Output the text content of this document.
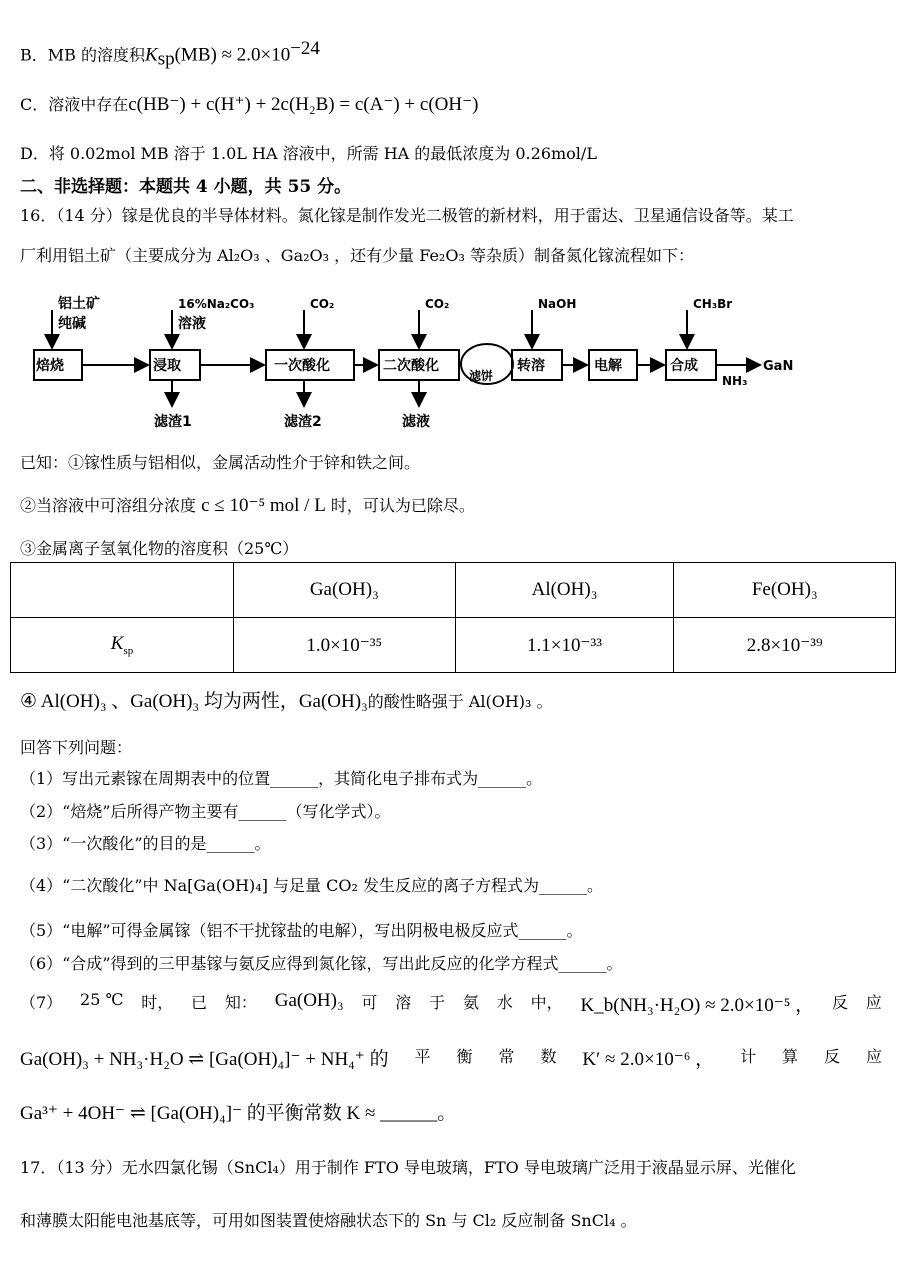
B．MB 的溶度积$K_{sp}(MB) \approx 2.0\times 10^{-24}$
C．溶液中存在c(HB⁻) + c(H⁺) + 2c(H₂B) = c(A⁻) + c(OH⁻)
D．将 0.02mol MB 溶于 1.0L HA 溶液中，所需 HA 的最低浓度为 0.26mol/L
二、非选择题：本题共 4 小题，共 55 分。
16．（14 分）镓是优良的半导体材料。氮化镓是制作发光二极管的新材料，用于雷达、卫星通信设备等。某工
厂利用铝土矿（主要成分为 Al₂O₃ 、Ga₂O₃ ，还有少量 Fe₂O₃ 等杂质）制备氮化镓流程如下：
焙烧	浸取	一次酸化	二次酸化
滤饼
转溶	电解	合成
铝土矿
纯碱
16%Na₂CO₃
溶液
CO₂	CO₂	NaOH	CH₃Br
滤渣1	滤渣2	滤液
GaN
NH₃
已知：①镓性质与铝相似，金属活动性介于锌和铁之间。
②当溶液中可溶组分浓度 c ≤ 10⁻⁵ mol / L 时，可认为已除尽。
③金属离子氢氧化物的溶度积（25℃）
	Ga(OH)₃	Al(OH)₃	Fe(OH)₃
$K_{sp}$	1.0×10⁻³⁵	1.1×10⁻³³	2.8×10⁻³⁹
④ Al(OH)₃ 、Ga(OH)₃ 均为两性，Ga(OH)₃的酸性略强于 Al(OH)₃ 。
回答下列问题：
（1）写出元素镓在周期表中的位置______，其简化电子排布式为______。
（2）“焙烧”后所得产物主要有______（写化学式）。
（3）“一次酸化”的目的是______。
（4）“二次酸化”中 Na[Ga(OH)₄] 与足量 CO₂ 发生反应的离子方程式为______。
（5）“电解”可得金属镓（铝不干扰镓盐的电解），写出阴极电极反应式______。
（6）“合成”得到的三甲基镓与氨反应得到氮化镓，写出此反应的化学方程式______。
（7） 25 ℃ 时， 已 知： Ga(OH)₃ 可 溶 于 氨 水 中， K_b(NH₃·H₂O) ≈ 2.0×10⁻⁵ ， 反 应
Ga(OH)₃ + NH₃·H₂O ⇌ [Ga(OH)₄]⁻ + NH₄⁺ 的 平 衡 常 数 K′ ≈ 2.0×10⁻⁶ ， 计 算 反 应
Ga³⁺ + 4OH⁻ ⇌ [Ga(OH)₄]⁻ 的平衡常数 K ≈ ______。
17．（13 分）无水四氯化锡（SnCl₄）用于制作 FTO 导电玻璃，FTO 导电玻璃广泛用于液晶显示屏、光催化
和薄膜太阳能电池基底等，可用如图装置使熔融状态下的 Sn 与 Cl₂ 反应制备 SnCl₄ 。
